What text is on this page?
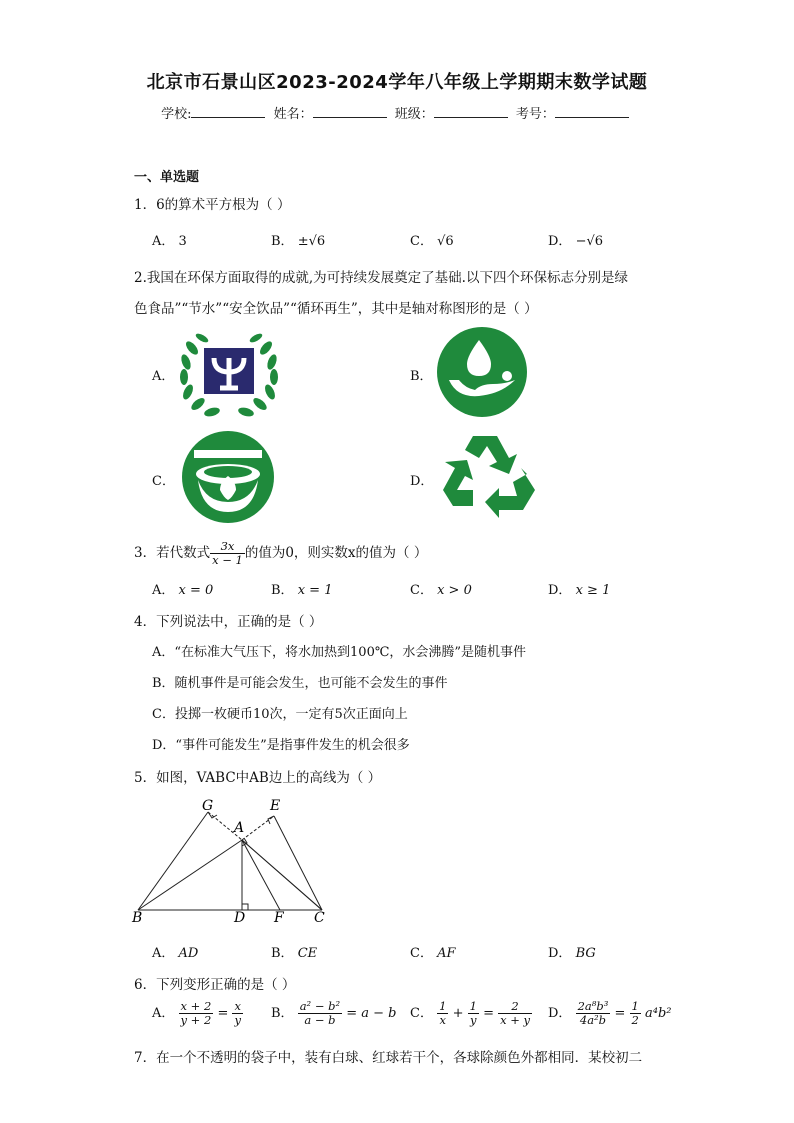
北京市石景山区2023-2024学年八年级上学期期末数学试题
学校:	姓名：	班级：	考号：
一、单选题
1．6的算术平方根为（ ）
A． 3	B． ±√6	C． √6	D． −√6
2.我国在环保方面取得的成就,为可持续发展奠定了基础.以下四个环保标志分别是绿
色食品”“节水”“安全饮品”“循环再生”，其中是轴对称图形的是（ ）
A．	B．
C．	D．
3．若代数式 $\frac{3x}{x - 1}$ 的值为0，则实数x的值为（ ）
A． x = 0	B． x = 1	C． x > 0	D． x ≥ 1
4．下列说法中，正确的是（ ）
A．“在标准大气压下，将水加热到100℃，水会沸腾”是随机事件
B．随机事件是可能会发生，也可能不会发生的事件
C．投掷一枚硬币10次，一定有5次正面向上
D．“事件可能发生”是指事件发生的机会很多
5．如图，VABC中AB边上的高线为（ ）
G	E
A
B	D F C
A． AD	B． CE	C． AF	D． BG
6．下列变形正确的是（ ）
A． $\frac{x + 2}{y + 2} = \frac{x}{y}$ B． $\frac{\text{a² − b²}}{a - b} = a - b$ C． $\frac{1}{x} + \frac{1}{y} = \frac{2}{x + y}$ D． $\frac{\text{2a⁸b³}}{\text{4a²b}} = \frac{1}{2} a^4b^2$
7．在一个不透明的袋子中，装有白球、红球若干个，各球除颜色外都相同．某校初二
